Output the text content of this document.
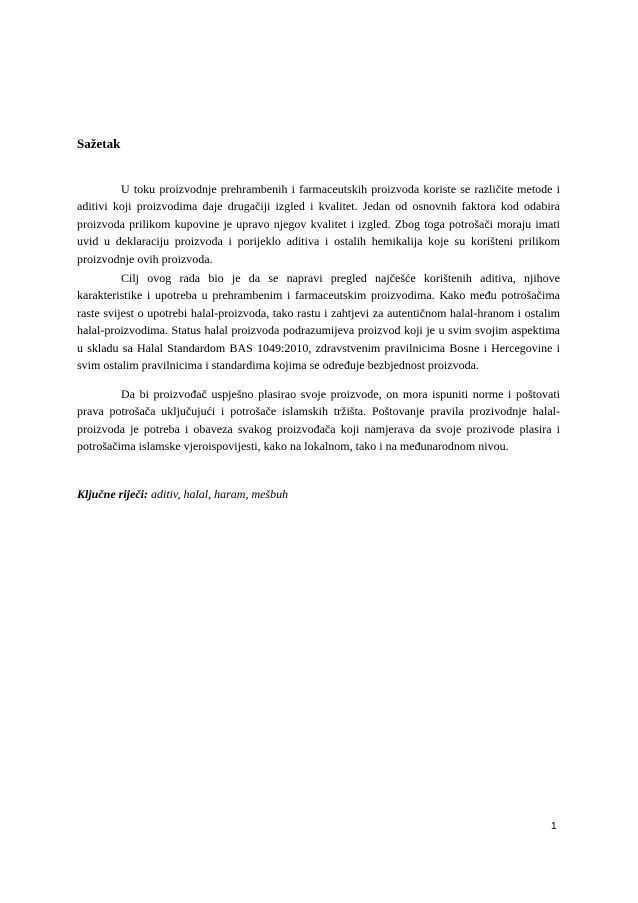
Sažetak

U toku proizvodnje prehrambenih i farmaceutskih proizvoda koriste se različite metode i aditivi koji proizvodima daje drugačiji izgled i kvalitet. Jedan od osnovnih faktora kod odabira proizvoda prilikom kupovine je upravo njegov kvalitet i izgled. Zbog toga potrošači moraju imati uvid u deklaraciju proizvoda i porijeklo aditiva i ostalih hemikalija koje su korišteni prilikom proizvodnje ovih proizvoda.

Cilj ovog rada bio je da se napravi pregled najčešće korištenih aditiva, njihove karakteristike i upotreba u prehrambenim i farmaceutskim proizvodima. Kako među potrošačima raste svijest o upotrebi halal-proizvoda, tako rastu i zahtjevi za autentičnom halal-hranom i ostalim halal-proizvodima. Status halal proizvoda podrazumijeva proizvod koji je u svim svojim aspektima u skladu sa Halal Standardom BAS 1049:2010, zdravstvenim pravilnicima Bosne i Hercegovine i svim ostalim pravilnicima i standardima kojima se određuje bezbjednost proizvoda.

Da bi proizvođač uspješno plasirao svoje proizvode, on mora ispuniti norme i poštovati prava potrošača uključujući i potrošače islamskih tržišta. Poštovanje pravila prozivodnje halal-proizvoda je potreba i obaveza svakog proizvođača koji namjerava da svoje prozivode plasira i potrošačima islamske vjeroispovijesti, kako na lokalnom, tako i na međunarodnom nivou.

Ključne riječi: aditiv, halal, haram, mešbuh

1
